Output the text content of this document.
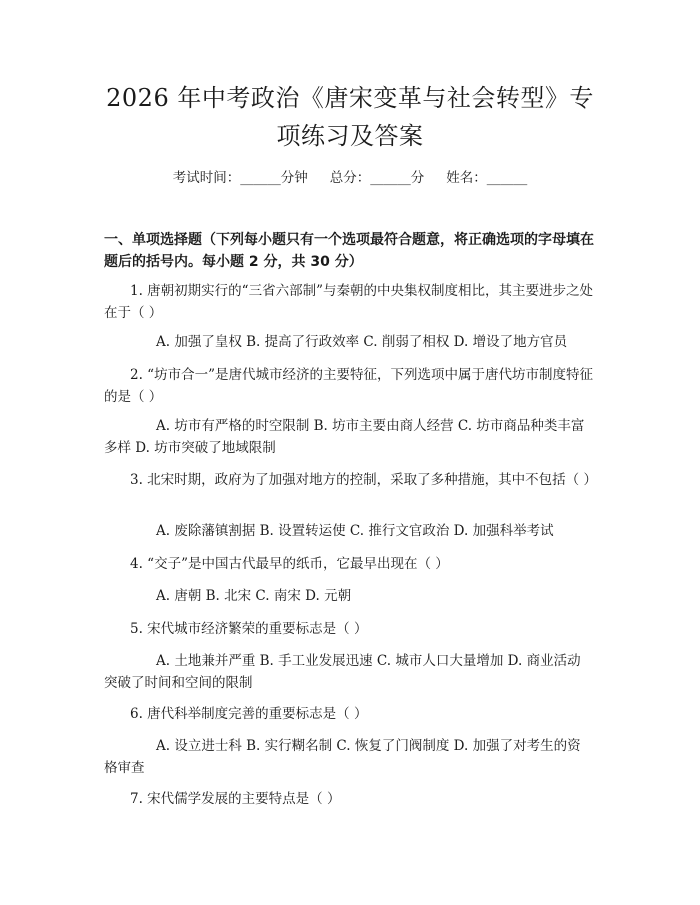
2026 年中考政治《唐宋变革与社会转型》专
项练习及答案
考试时间：______分钟 总分：______分 姓名：______
一、单项选择题（下列每小题只有一个选项最符合题意，将正确选项的字母填在题后的括号内。每小题 2 分，共 30 分）
1. 唐朝初期实行的“三省六部制”与秦朝的中央集权制度相比，其主要进步之处在于（ ）
A. 加强了皇权 B. 提高了行政效率 C. 削弱了相权 D. 增设了地方官员
2. “坊市合一”是唐代城市经济的主要特征，下列选项中属于唐代坊市制度特征的是（ ）
A. 坊市有严格的时空限制 B. 坊市主要由商人经营 C. 坊市商品种类丰富多样 D. 坊市突破了地域限制
3. 北宋时期，政府为了加强对地方的控制，采取了多种措施，其中不包括（ ）
A. 废除藩镇割据 B. 设置转运使 C. 推行文官政治 D. 加强科举考试
4. “交子”是中国古代最早的纸币，它最早出现在（ ）
A. 唐朝 B. 北宋 C. 南宋 D. 元朝
5. 宋代城市经济繁荣的重要标志是（ ）
A. 土地兼并严重 B. 手工业发展迅速 C. 城市人口大量增加 D. 商业活动突破了时间和空间的限制
6. 唐代科举制度完善的重要标志是（ ）
A. 设立进士科 B. 实行糊名制 C. 恢复了门阀制度 D. 加强了对考生的资格审查
7. 宋代儒学发展的主要特点是（ ）
